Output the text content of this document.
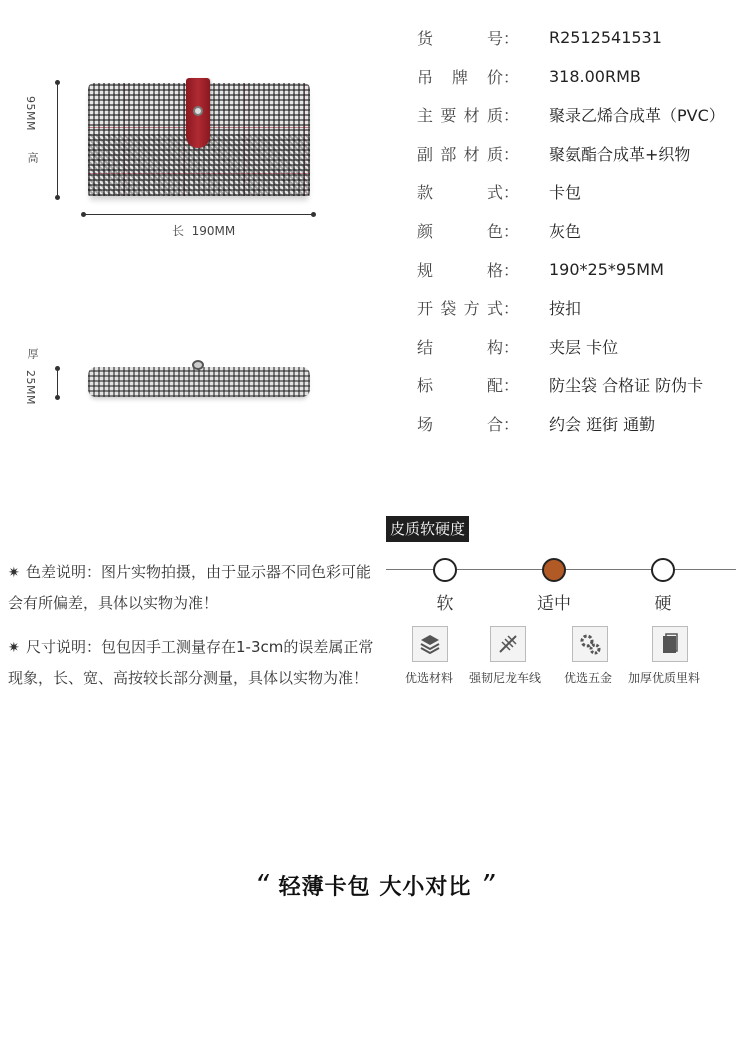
95MM
高
长  190MM
厚
25MM
货	号 ： R2512541531
吊 牌 价 ： 318.00RMB
主 要 材 质 ： 聚录乙烯合成革（PVC）
副 部 材 质 ： 聚氨酯合成革+织物
款	式 ： 卡包
颜	色 ： 灰色
规	格 ： 190*25*95MM
开 袋 方 式 ： 按扣
结	构 ： 夹层 卡位
标	配 ： 防尘袋 合格证 防伪卡
场	合 ： 约会 逛街 通勤
✷ 色差说明：图片实物拍摄，由于显示器不同色彩可能会有所偏差，具体以实物为准！
✷ 尺寸说明：包包因手工测量存在1-3cm的误差属正常现象，长、宽、高按较长部分测量，具体以实物为准！
皮质软硬度
软	适中	硬
优选材料 强韧尼龙车线 优选五金 加厚优质里料
“ 轻薄卡包 大小对比 ”
